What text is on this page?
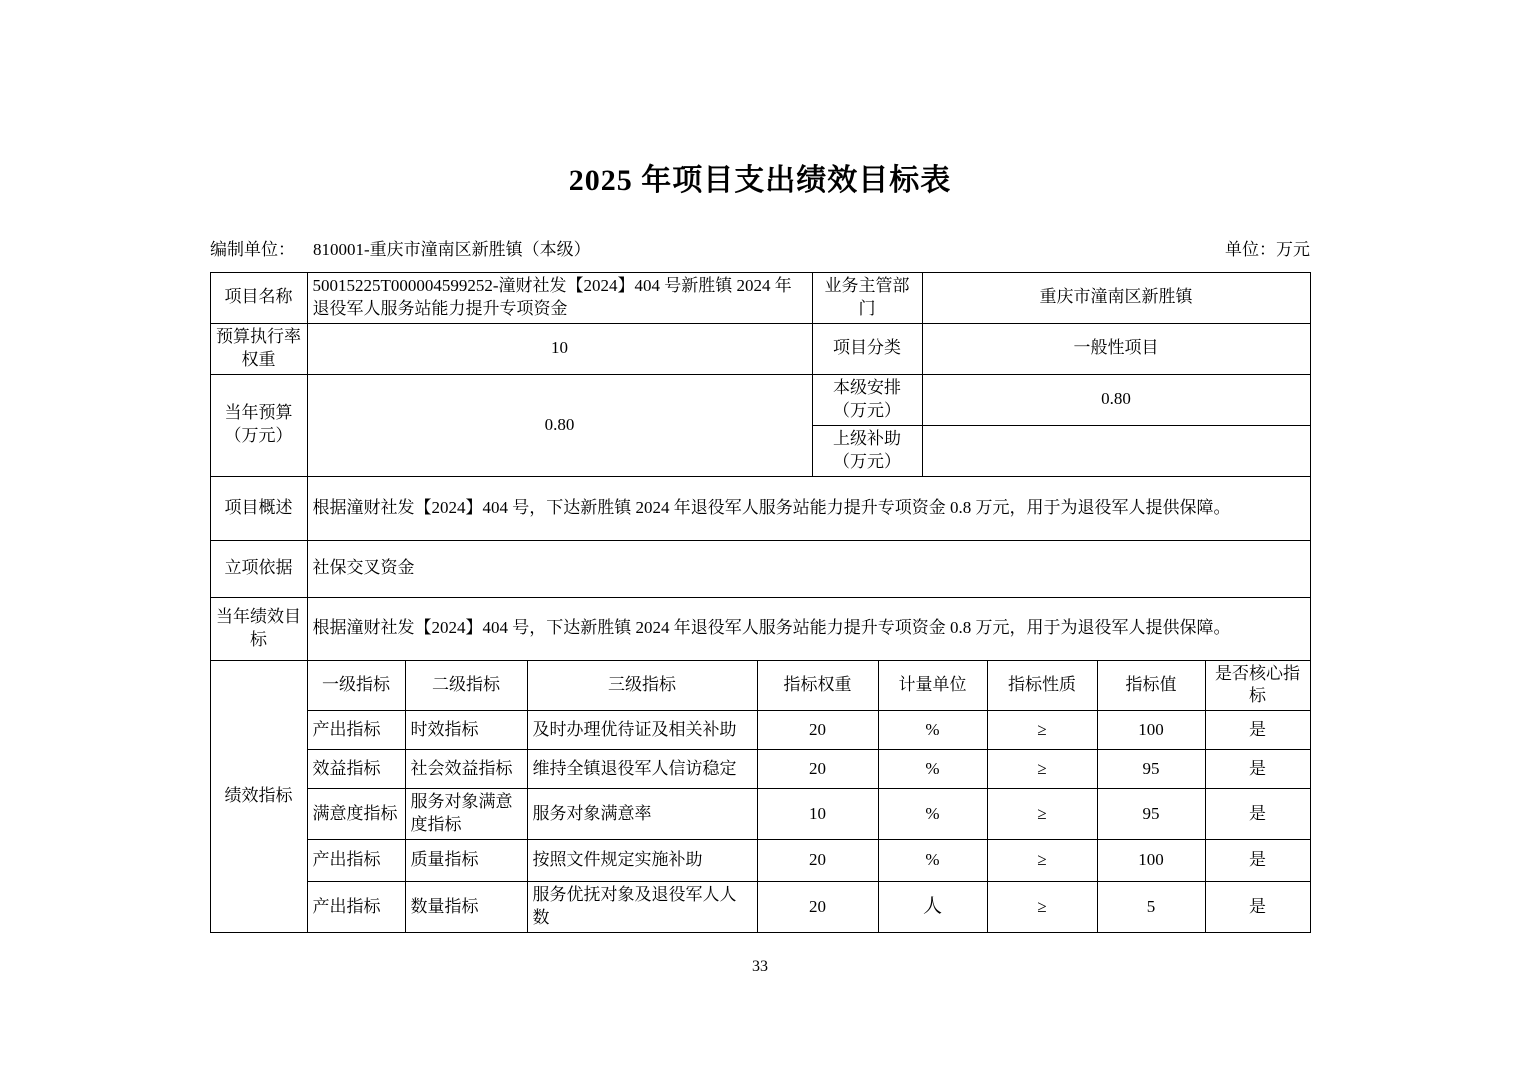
2025 年项目支出绩效目标表
编制单位： 810001-重庆市潼南区新胜镇（本级）	单位：万元
项目名称	50015225T000004599252-潼财社发【2024】404 号新胜镇 2024 年退役军人服务站能力提升专项资金	业务主管部门	重庆市潼南区新胜镇
预算执行率权重	10	项目分类	一般性项目
当年预算（万元）	0.80	本级安排（万元）	0.80
		上级补助（万元）	
项目概述	根据潼财社发【2024】404 号，下达新胜镇 2024 年退役军人服务站能力提升专项资金 0.8 万元，用于为退役军人提供保障。		
立项依据	社保交叉资金		
当年绩效目标	根据潼财社发【2024】404 号，下达新胜镇 2024 年退役军人服务站能力提升专项资金 0.8 万元，用于为退役军人提供保障。		
绩效指标	一级指标	二级指标	三级指标	指标权重	计量单位	指标性质	指标值	是否核心指标
	产出指标	时效指标	及时办理优待证及相关补助	20	%	≥	100	是
	效益指标	社会效益指标	维持全镇退役军人信访稳定	20	%	≥	95	是
	满意度指标	服务对象满意度指标	服务对象满意率	10	%	≥	95	是
	产出指标	质量指标	按照文件规定实施补助	20	%	≥	100	是
	产出指标	数量指标	服务优抚对象及退役军人人数	20	人	≥	5	是
33
